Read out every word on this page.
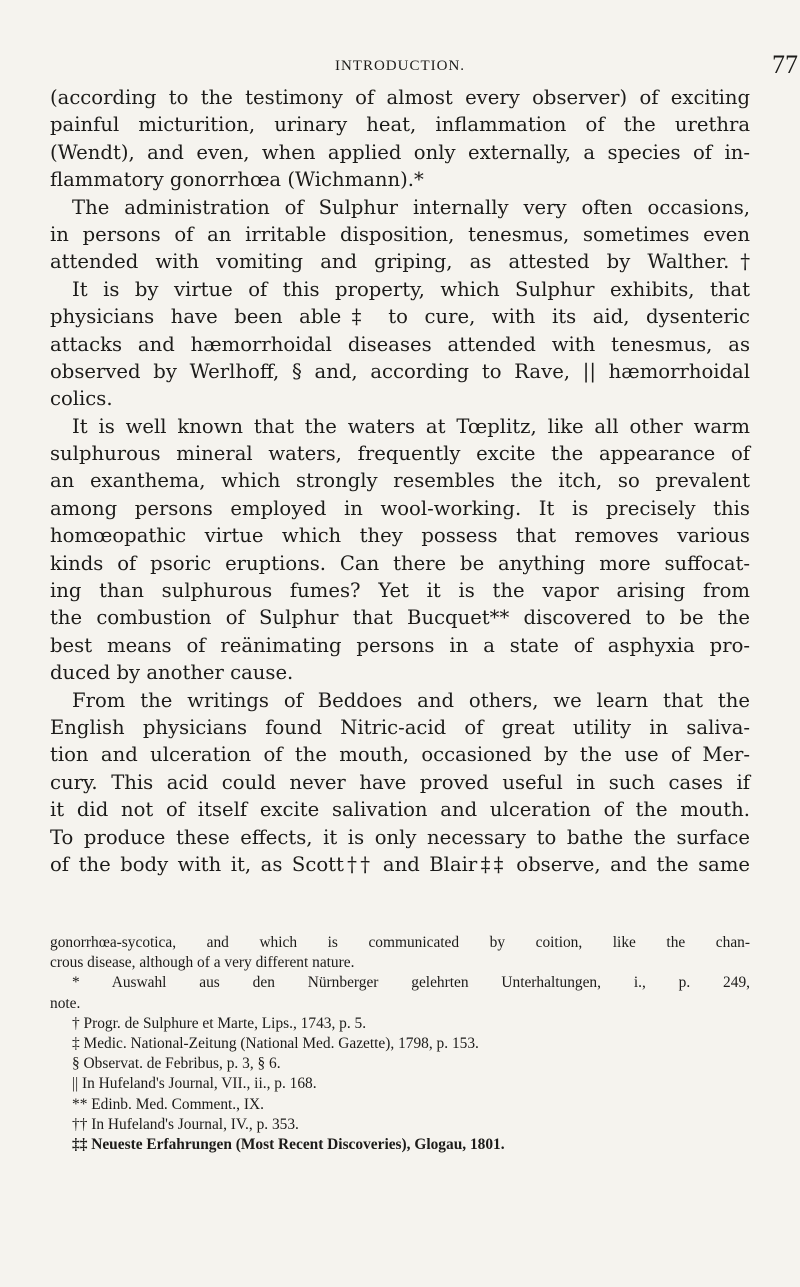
INTRODUCTION.	77
(according to the testimony of almost every observer) of exciting
painful micturition, urinary heat, inflammation of the urethra
(Wendt), and even, when applied only externally, a species of in-
flammatory gonorrhœa (Wichmann).*
The administration of Sulphur internally very often occasions,
in persons of an irritable disposition, tenesmus, sometimes even
attended with vomiting and griping, as attested by Walther.†
It is by virtue of this property, which Sulphur exhibits, that
physicians have been able‡ to cure, with its aid, dysenteric
attacks and hæmorrhoidal diseases attended with tenesmus, as
observed by Werlhoff, § and, according to Rave, || hæmorrhoidal
colics.
It is well known that the waters at Tœplitz, like all other warm
sulphurous mineral waters, frequently excite the appearance of
an exanthema, which strongly resembles the itch, so prevalent
among persons employed in wool-working. It is precisely this
homœopathic virtue which they possess that removes various
kinds of psoric eruptions. Can there be anything more suffocat-
ing than sulphurous fumes? Yet it is the vapor arising from
the combustion of Sulphur that Bucquet** discovered to be the
best means of reänimating persons in a state of asphyxia pro-
duced by another cause.
From the writings of Beddoes and others, we learn that the
English physicians found Nitric-acid of great utility in saliva-
tion and ulceration of the mouth, occasioned by the use of Mer-
cury. This acid could never have proved useful in such cases if
it did not of itself excite salivation and ulceration of the mouth.
To produce these effects, it is only necessary to bathe the surface
of the body with it, as Scott†† and Blair‡‡ observe, and the same
gonorrhœa-sycotica, and which is communicated by coition, like the chan-
crous disease, although of a very different nature.
* Auswahl aus den Nürnberger gelehrten Unterhaltungen, i., p. 249,
note.
† Progr. de Sulphure et Marte, Lips., 1743, p. 5.
‡ Medic. National-Zeitung (National Med. Gazette), 1798, p. 153.
§ Observat. de Febribus, p. 3, § 6.
|| In Hufeland's Journal, VII., ii., p. 168.
** Edinb. Med. Comment., IX.
†† In Hufeland's Journal, IV., p. 353.
‡‡ Neueste Erfahrungen (Most Recent Discoveries), Glogau, 1801.
